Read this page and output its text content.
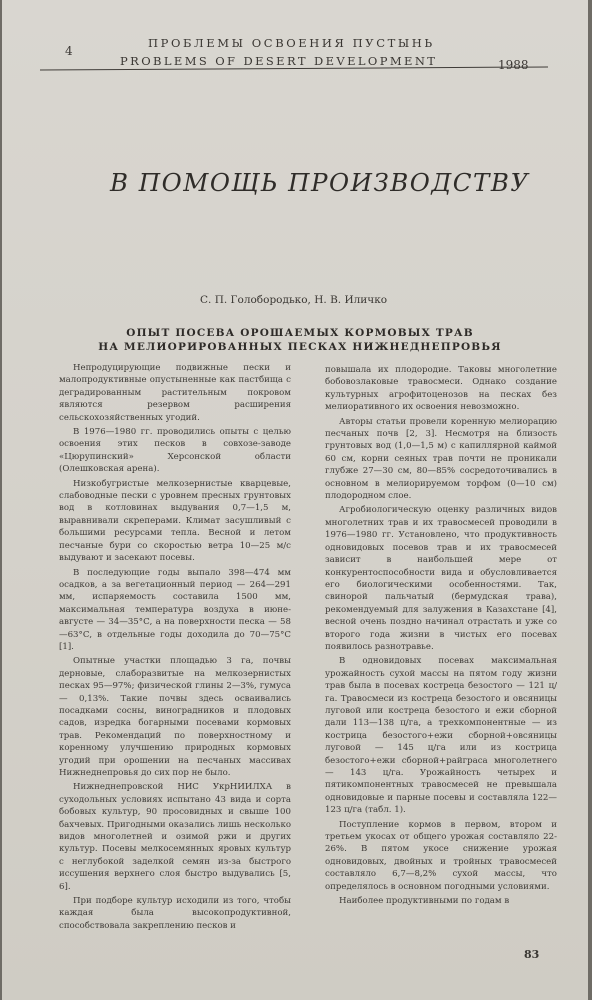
4
ПРОБЛЕМЫ ОСВОЕНИЯ ПУСТЫНЬ
PROBLEMS OF DESERT DEVELOPMENT	1988
В ПОМОЩЬ ПРОИЗВОДСТВУ
С. П. Голобородько, Н. В. Иличко
ОПЫТ ПОСЕВА ОРОШАЕМЫХ КОРМОВЫХ ТРАВ
НА МЕЛИОРИРОВАННЫХ ПЕСКАХ НИЖНЕДНЕПРОВЬЯ

Непродуцирующие подвижные пески и малопродуктивные опустыненные как пастбища с деградированным растительным покровом являются резервом расширения сельскохозяйственных угодий.

В 1976—1980 гг. проводились опыты с целью освоения этих песков в совхозе-заводе «Цюрупинский» Херсонской области (Олешковская арена).

Низкобугристые мелкозернистые кварцевые, слабоводные пески с уровнем пресных грунтовых вод в котловинах выдувания 0,7—1,5 м, выравнивали скреперами. Климат засушливый с большими ресурсами тепла. Весной и летом песчаные бури со скоростью ветра 10—25 м/с выдувают и засекают посевы.

В последующие годы выпало 398—474 мм осадков, а за вегетационный период — 264—291 мм, испаряемость составила 1500 мм, максимальная температура воздуха в июне-августе — 34—35°С, а на поверхности песка — 58—63°С, в отдельные годы доходила до 70—75°С [1].

Опытные участки площадью 3 га, почвы дерновые, слаборазвитые на мелкозернистых песках 95—97%; физической глины 2—3%, гумуса — 0,13%. Такие почвы здесь осваивались посадками сосны, виноградников и плодовых садов, изредка богарными посевами кормовых трав. Рекомендаций по поверхностному и коренному улучшению природных кормовых угодий при орошении на песчаных массивах Нижнеднепровья до сих пор не было.

Нижнеднепровской НИС УкрНИИЛХА в суходольных условиях испытано 43 вида и сорта бобовых культур, 90 просовидных и свыше 100 бахчевых. Пригодными оказались лишь несколько видов многолетней и озимой ржи и других культур. Посевы мелкосемянных яровых культур с неглубокой заделкой семян из-за быстрого иссушения верхнего слоя быстро выдувались [5, 6].

При подборе культур исходили из того, чтобы каждая была высокопродуктивной, способствовала закреплению песков и

повышала их плодородие. Таковы многолетние бобовозлаковые травосмеси. Однако создание культурных агрофитоценозов на песках без мелиоративного их освоения невозможно.

Авторы статьи провели коренную мелиорацию песчаных почв [2, 3]. Несмотря на близость грунтовых вод (1,0—1,5 м) с капиллярной каймой 60 см, корни сеяных трав почти не проникали глубже 27—30 см, 80—85% сосредоточивались в основном в мелиорируемом торфом (0—10 см) плодородном слое.

Агробиологическую оценку различных видов многолетних трав и их травосмесей проводили в 1976—1980 гг. Установлено, что продуктивность одновидовых посевов трав и их травосмесей зависит в наибольшей мере от конкурентоспособности вида и обусловливается его биологическими особенностями. Так, свинорой пальчатый (бермудская трава), рекомендуемый для залужения в Казахстане [4], весной очень поздно начинал отрастать и уже со второго года жизни в чистых его посевах появилось разнотравье.

В одновидовых посевах максимальная урожайность сухой массы на пятом году жизни трав была в посевах костреца безостого — 121 ц/га. Травосмеси из костреца безостого и овсяницы луговой или костреца безостого и ежи сборной дали 113—138 ц/га, а трехкомпонентные — из кострица безостого+ежи сборной+овсяницы луговой — 145 ц/га или из кострица безостого+ежи сборной+райграса многолетнего — 143 ц/га. Урожайность четырех и пятикомпонентных травосмесей не превышала одновидовые и парные посевы и составляла 122—123 ц/га (табл. 1).

Поступление кормов в первом, втором и третьем укосах от общего урожая составляло 22-26%. В пятом укосе снижение урожая одновидовых, двойных и тройных травосмесей составляло 6,7—8,2% сухой массы, что определялось в основном погодными условиями.

Наиболее продуктивными по годам в

83
